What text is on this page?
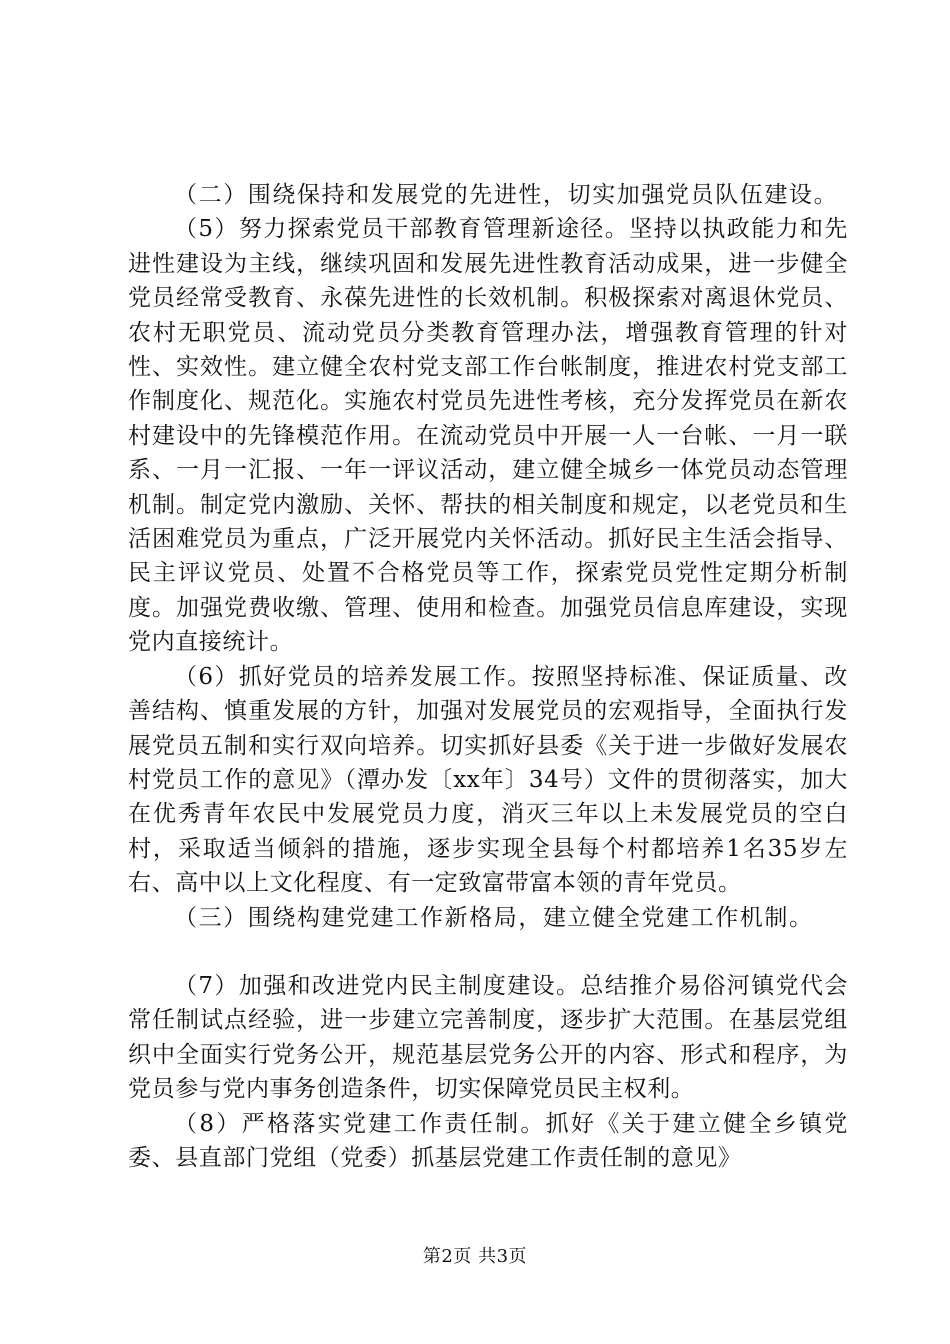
（二）围绕保持和发展党的先进性，切实加强党员队伍建设。

（5）努力探索党员干部教育管理新途径。坚持以执政能力和先进性建设为主线，继续巩固和发展先进性教育活动成果，进一步健全党员经常受教育、永葆先进性的长效机制。积极探索对离退休党员、农村无职党员、流动党员分类教育管理办法，增强教育管理的针对性、实效性。建立健全农村党支部工作台帐制度，推进农村党支部工作制度化、规范化。实施农村党员先进性考核，充分发挥党员在新农村建设中的先锋模范作用。在流动党员中开展一人一台帐、一月一联系、一月一汇报、一年一评议活动，建立健全城乡一体党员动态管理机制。制定党内激励、关怀、帮扶的相关制度和规定，以老党员和生活困难党员为重点，广泛开展党内关怀活动。抓好民主生活会指导、民主评议党员、处置不合格党员等工作，探索党员党性定期分析制度。加强党费收缴、管理、使用和检查。加强党员信息库建设，实现党内直接统计。

（6）抓好党员的培养发展工作。按照坚持标准、保证质量、改善结构、慎重发展的方针，加强对发展党员的宏观指导，全面执行发展党员五制和实行双向培养。切实抓好县委《关于进一步做好发展农村党员工作的意见》（潭办发〔xx年〕34号）文件的贯彻落实，加大在优秀青年农民中发展党员力度，消灭三年以上未发展党员的空白村，采取适当倾斜的措施，逐步实现全县每个村都培养1名35岁左右、高中以上文化程度、有一定致富带富本领的青年党员。

（三）围绕构建党建工作新格局，建立健全党建工作机制。

（7）加强和改进党内民主制度建设。总结推介易俗河镇党代会常任制试点经验，进一步建立完善制度，逐步扩大范围。在基层党组织中全面实行党务公开，规范基层党务公开的内容、形式和程序，为党员参与党内事务创造条件，切实保障党员民主权利。

（8）严格落实党建工作责任制。抓好《关于建立健全乡镇党委、县直部门党组（党委）抓基层党建工作责任制的意见》

第2页 共3页
